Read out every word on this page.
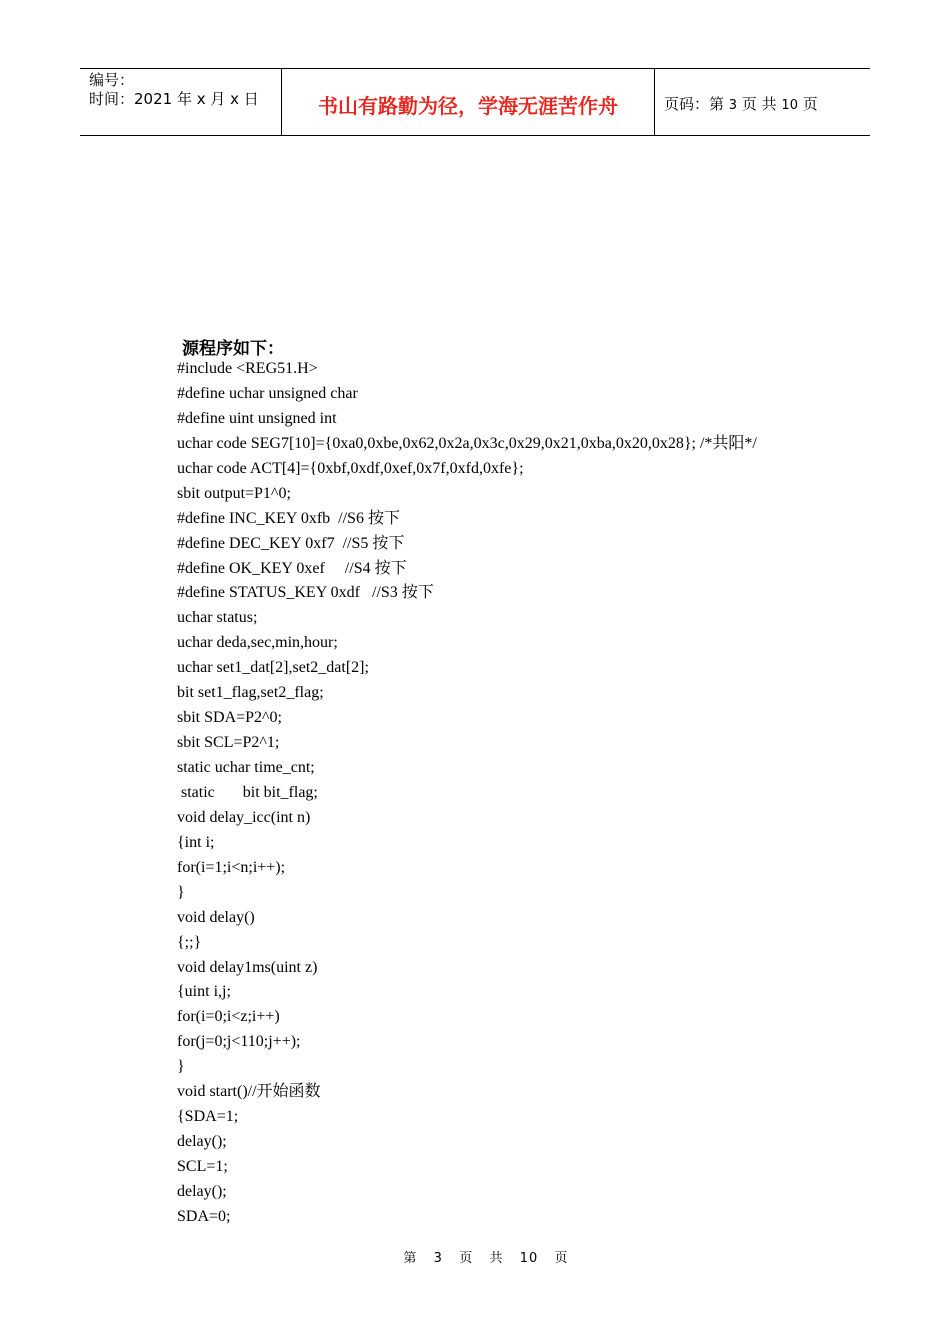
编号：
时间：2021 年 x 月 x 日	书山有路勤为径，学海无涯苦作舟	页码：第 3 页 共 10 页
源程序如下：
#include <REG51.H>
#define uchar unsigned char
#define uint unsigned int
uchar code SEG7[10]={0xa0,0xbe,0x62,0x2a,0x3c,0x29,0x21,0xba,0x20,0x28}; /*共阳*/
uchar code ACT[4]={0xbf,0xdf,0xef,0x7f,0xfd,0xfe};
sbit output=P1^0;
#define INC_KEY 0xfb  //S6 按下
#define DEC_KEY 0xf7  //S5 按下
#define OK_KEY 0xef     //S4 按下
#define STATUS_KEY 0xdf   //S3 按下
uchar status;
uchar deda,sec,min,hour;
uchar set1_dat[2],set2_dat[2];
bit set1_flag,set2_flag;
sbit SDA=P2^0;
sbit SCL=P2^1;
static uchar time_cnt;
static       bit bit_flag;
void delay_icc(int n)
{int i;
for(i=1;i<n;i++);
}
void delay()
{;;}
void delay1ms(uint z)
{uint i,j;
for(i=0;i<z;i++)
for(j=0;j<110;j++);
}
void start()//开始函数
{SDA=1;
delay();
SCL=1;
delay();
SDA=0;
第  3  页  共  10  页
